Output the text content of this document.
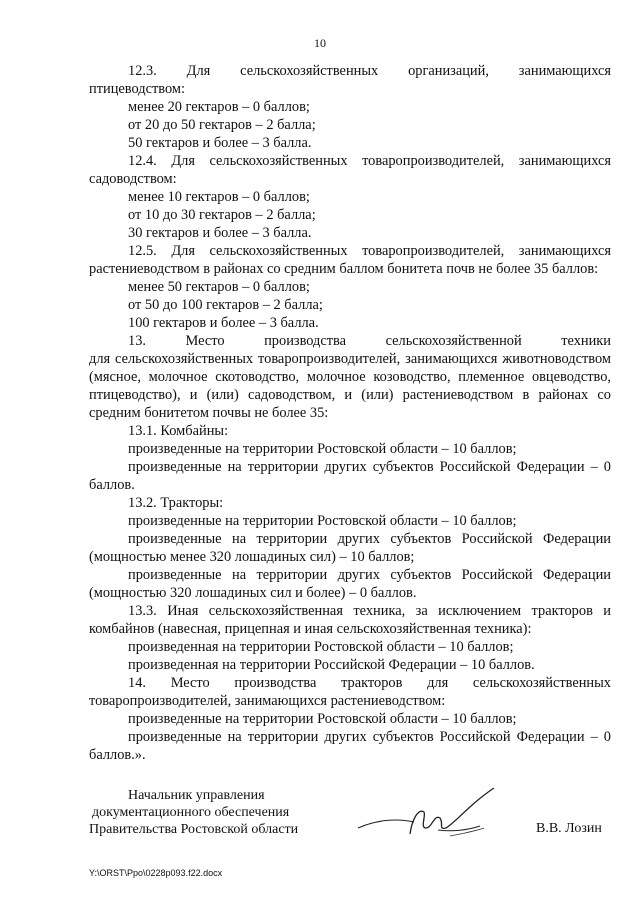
10

12.3. Для сельскохозяйственных организаций, занимающихся

птицеводством:

менее 20 гектаров – 0 баллов;

от 20 до 50 гектаров – 2 балла;

50 гектаров и более – 3 балла.

12.4. Для сельскохозяйственных товаропроизводителей, занимающихся садоводством:

менее 10 гектаров – 0 баллов;

от 10 до 30 гектаров – 2 балла;

30 гектаров и более – 3 балла.

12.5. Для сельскохозяйственных товаропроизводителей, занимающихся растениеводством в районах со средним баллом бонитета почв не более 35 баллов:

менее 50 гектаров – 0 баллов;

от 50 до 100 гектаров – 2 балла;

100 гектаров и более – 3 балла.

13. Место производства сельскохозяйственной техники

для сельскохозяйственных товаропроизводителей, занимающихся животноводством (мясное, молочное скотоводство, молочное козоводство, племенное овцеводство, птицеводство), и (или) садоводством, и (или) растениеводством в районах со средним бонитетом почвы не более 35:

13.1. Комбайны:

произведенные на территории Ростовской области – 10 баллов;

произведенные на территории других субъектов Российской Федерации – 0 баллов.

13.2. Тракторы:

произведенные на территории Ростовской области – 10 баллов;

произведенные на территории других субъектов Российской Федерации (мощностью менее 320 лошадиных сил) – 10 баллов;

произведенные на территории других субъектов Российской Федерации (мощностью 320 лошадиных сил и более) – 0 баллов.

13.3. Иная сельскохозяйственная техника, за исключением тракторов и комбайнов (навесная, прицепная и иная сельскохозяйственная техника):

произведенная на территории Ростовской области – 10 баллов;

произведенная на территории Российской Федерации – 10 баллов.

14. Место производства тракторов для сельскохозяйственных товаропроизводителей, занимающихся растениеводством:

произведенные на территории Ростовской области – 10 баллов;

произведенные на территории других субъектов Российской Федерации – 0 баллов.».

Начальник управления
документационного обеспечения
Правительства Ростовской области	В.В. Лозин
Y:\ORST\Ppo\0228p093.f22.docx
